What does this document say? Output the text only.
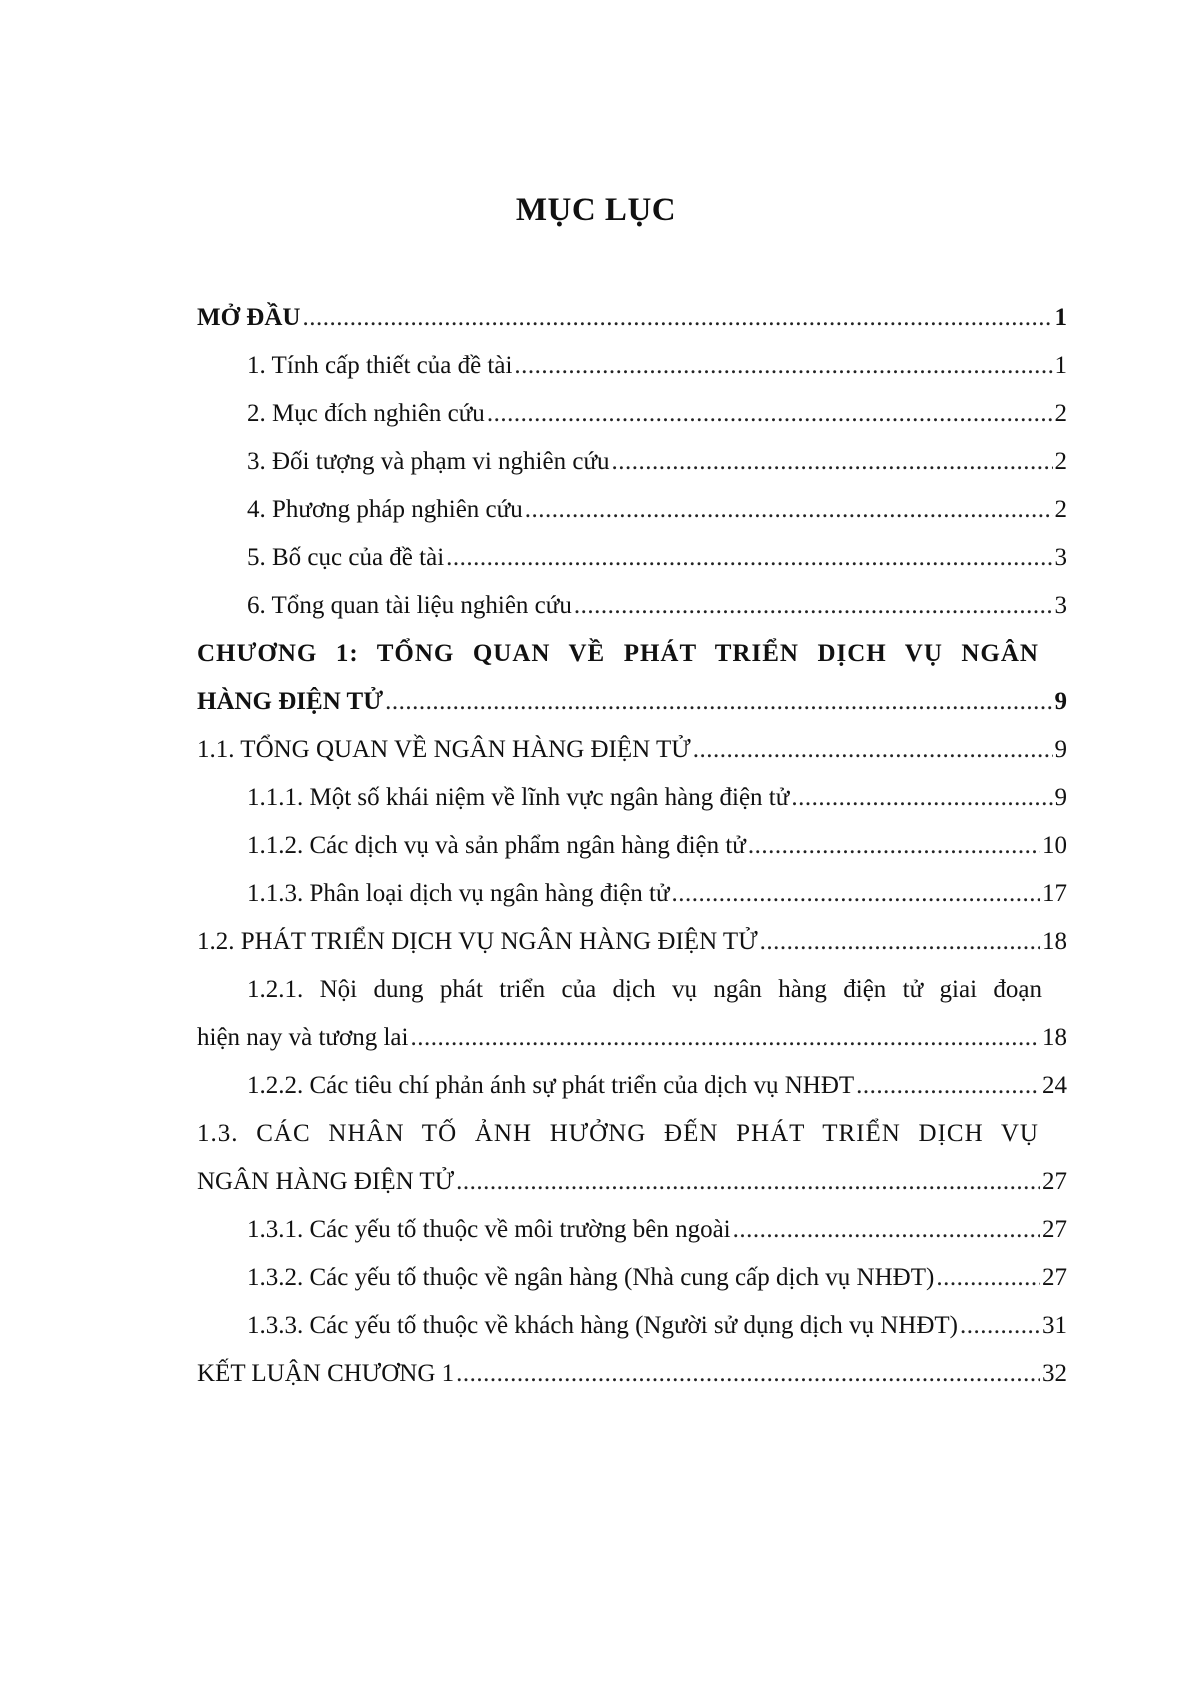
MỤC LỤC
MỞ ĐẦU .....	1
1. Tính cấp thiết của đề tài .....	1
2. Mục đích nghiên cứu .....	2
3. Đối tượng và phạm vi nghiên cứu .....	2
4. Phương pháp nghiên cứu .....	2
5. Bố cục của đề tài .....	3
6. Tổng quan tài liệu nghiên cứu .....	3
CHƯƠNG 1: TỔNG QUAN VỀ PHÁT TRIỂN DỊCH VỤ NGÂN
HÀNG ĐIỆN TỬ .....	9
1.1. TỔNG QUAN VỀ NGÂN HÀNG ĐIỆN TỬ .....	9
1.1.1. Một số khái niệm về lĩnh vực ngân hàng điện tử .....	9
1.1.2. Các dịch vụ và sản phẩm ngân hàng điện tử .....	10
1.1.3. Phân loại dịch vụ ngân hàng điện tử .....	17
1.2. PHÁT TRIỂN DỊCH VỤ NGÂN HÀNG ĐIỆN TỬ .....	18
1.2.1. Nội dung phát triển của dịch vụ ngân hàng điện tử giai đoạn
hiện nay và tương lai .....	18
1.2.2. Các tiêu chí phản ánh sự phát triển của dịch vụ NHĐT .....	24
1.3. CÁC NHÂN TỐ ẢNH HƯỞNG ĐẾN PHÁT TRIỂN DỊCH VỤ
NGÂN HÀNG ĐIỆN TỬ .....	27
1.3.1. Các yếu tố thuộc về môi trường bên ngoài .....	27
1.3.2. Các yếu tố thuộc về ngân hàng (Nhà cung cấp dịch vụ NHĐT) .....	27
1.3.3. Các yếu tố thuộc về khách hàng (Người sử dụng dịch vụ NHĐT) .....	31
KẾT LUẬN CHƯƠNG 1 .....	32
